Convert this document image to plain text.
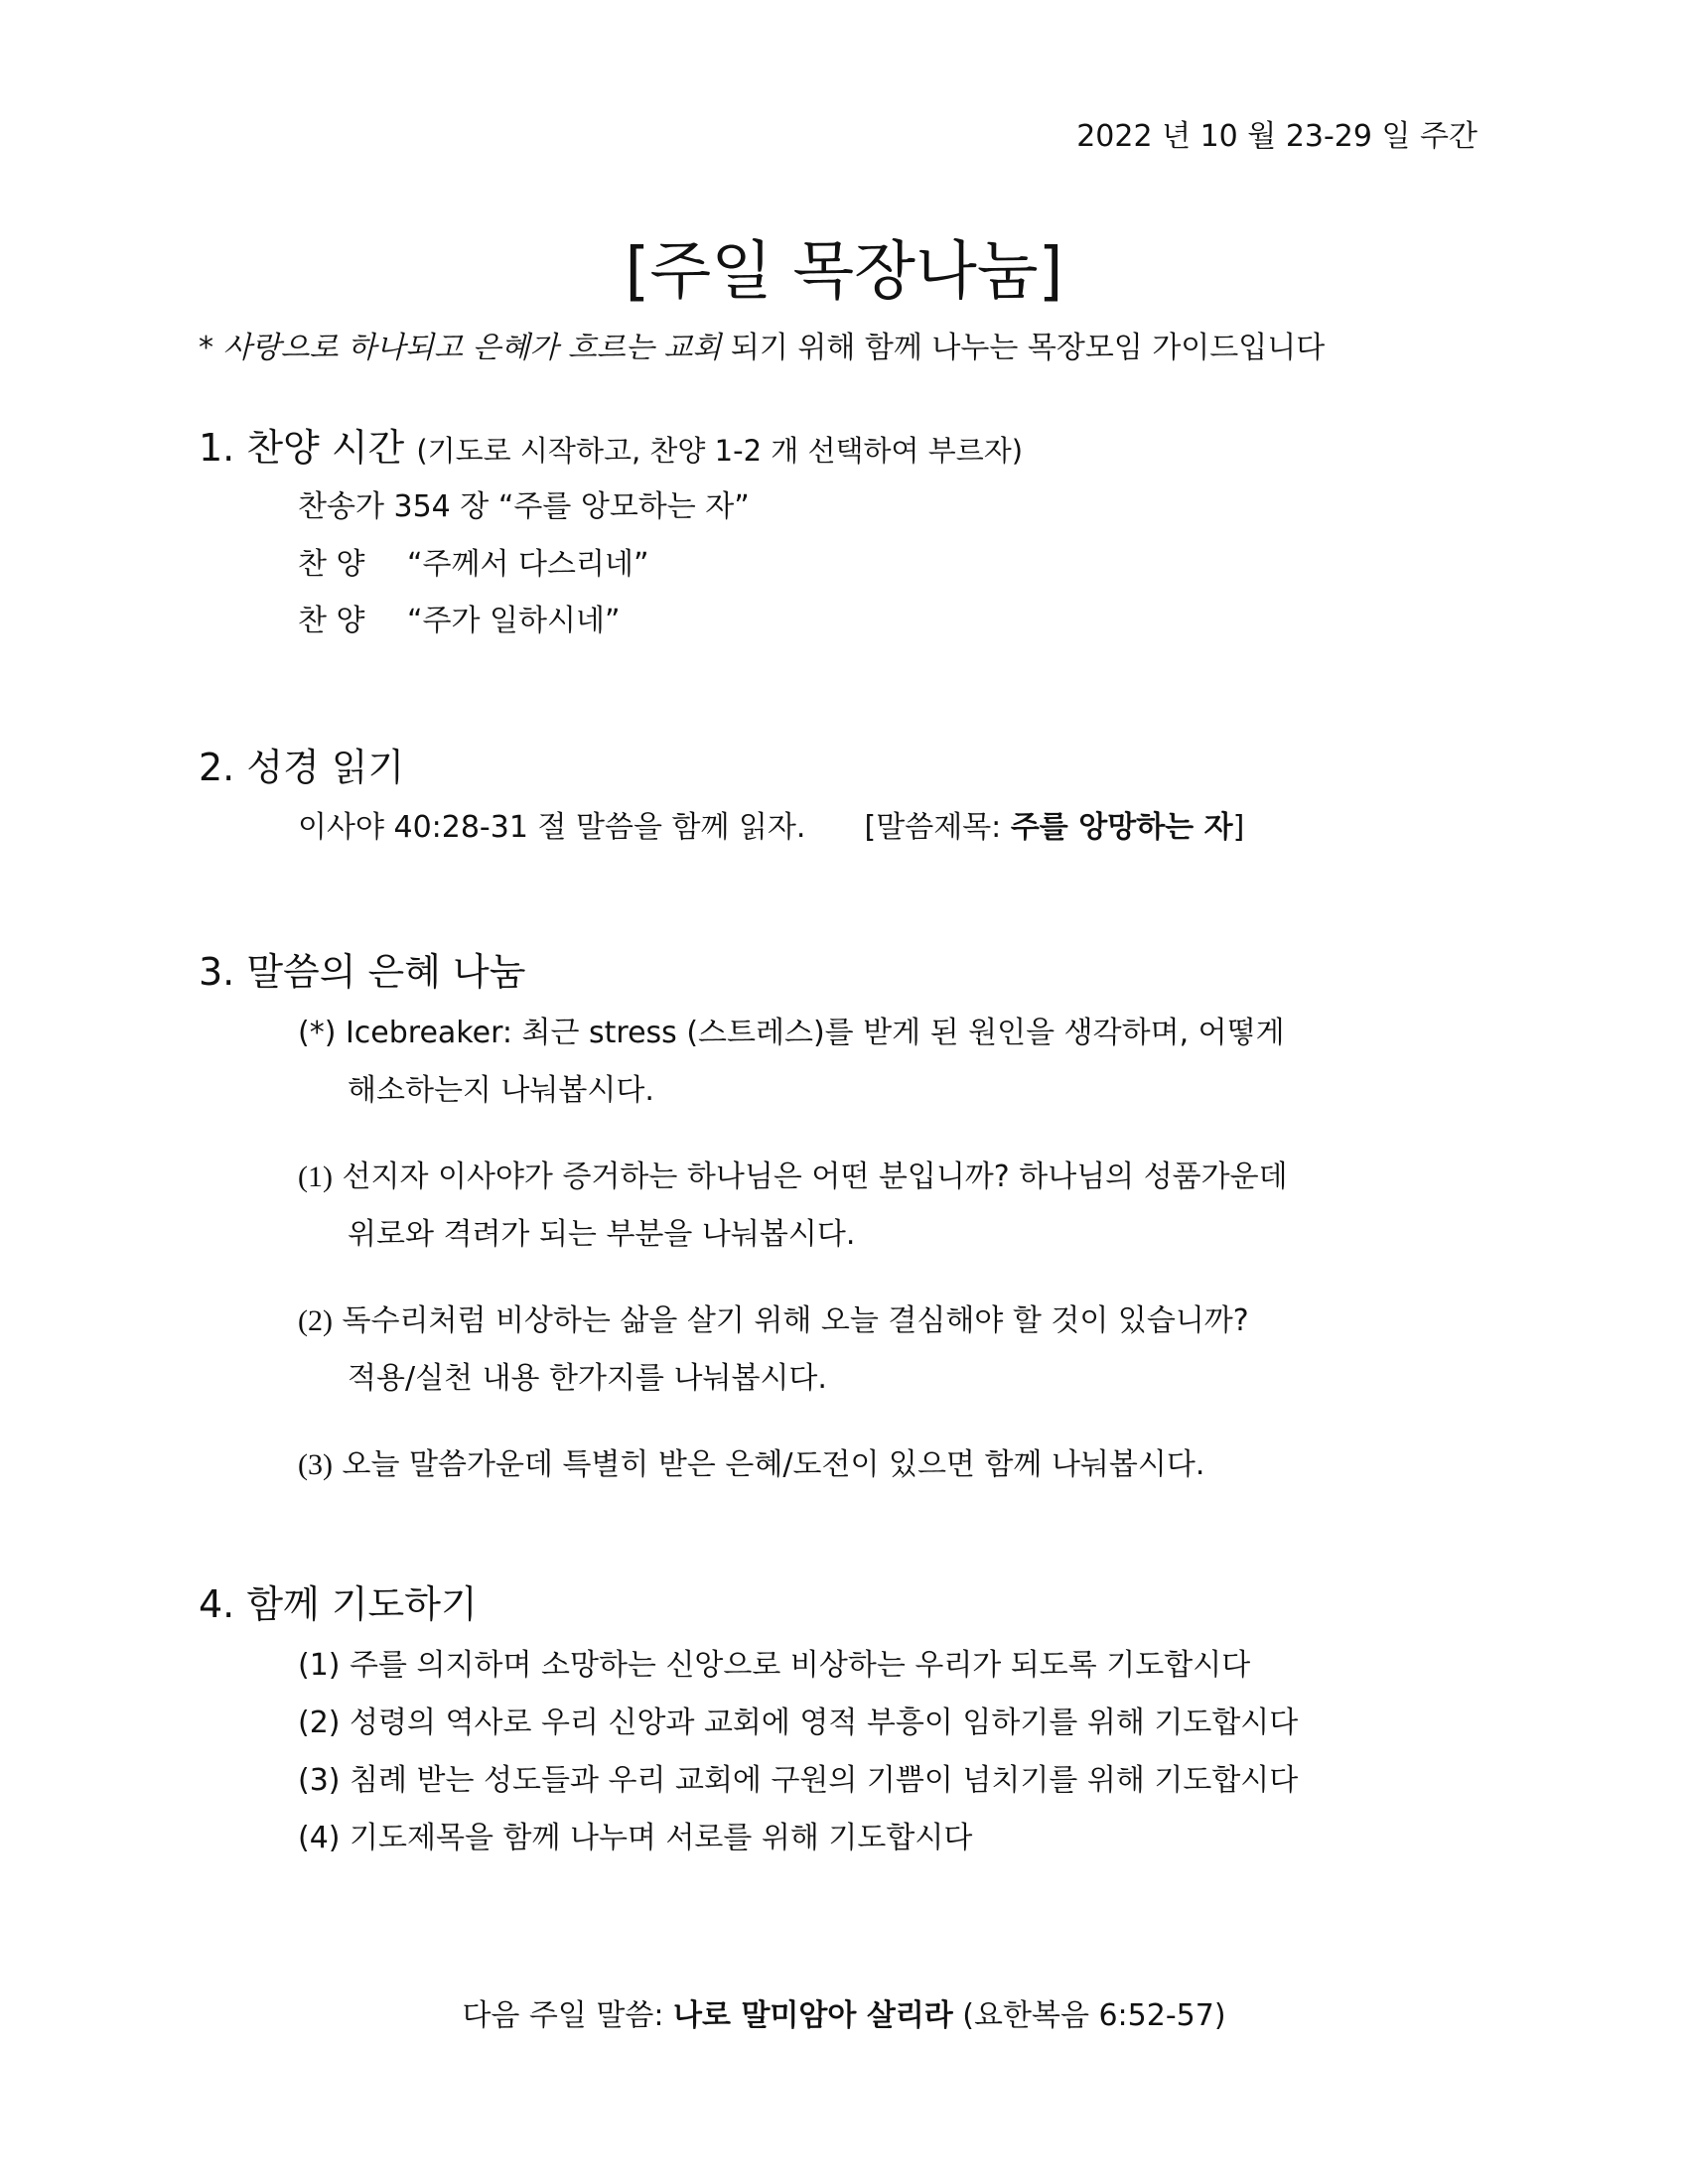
2022 년 10 월 23-29 일 주간
[주일 목장나눔]
* 사랑으로 하나되고 은혜가 흐르는 교회 되기 위해 함께 나누는 목장모임 가이드입니다
1. 찬양 시간 (기도로 시작하고, 찬양 1-2 개 선택하여 부르자)
찬송가 354 장 “주를 앙모하는 자”
찬 양 “주께서 다스리네”
찬 양 “주가 일하시네”
2. 성경 읽기
이사야 40:28-31 절 말씀을 함께 읽자. [말씀제목: 주를 앙망하는 자]
3. 말씀의 은혜 나눔
(*) Icebreaker: 최근 stress (스트레스)를 받게 된 원인을 생각하며, 어떻게
해소하는지 나눠봅시다.
(1) 선지자 이사야가 증거하는 하나님은 어떤 분입니까? 하나님의 성품가운데
위로와 격려가 되는 부분을 나눠봅시다.
(2) 독수리처럼 비상하는 삶을 살기 위해 오늘 결심해야 할 것이 있습니까?
적용/실천 내용 한가지를 나눠봅시다.
(3) 오늘 말씀가운데 특별히 받은 은혜/도전이 있으면 함께 나눠봅시다.
4. 함께 기도하기
(1) 주를 의지하며 소망하는 신앙으로 비상하는 우리가 되도록 기도합시다
(2) 성령의 역사로 우리 신앙과 교회에 영적 부흥이 임하기를 위해 기도합시다
(3) 침례 받는 성도들과 우리 교회에 구원의 기쁨이 넘치기를 위해 기도합시다
(4) 기도제목을 함께 나누며 서로를 위해 기도합시다
다음 주일 말씀: 나로 말미암아 살리라 (요한복음 6:52-57)
